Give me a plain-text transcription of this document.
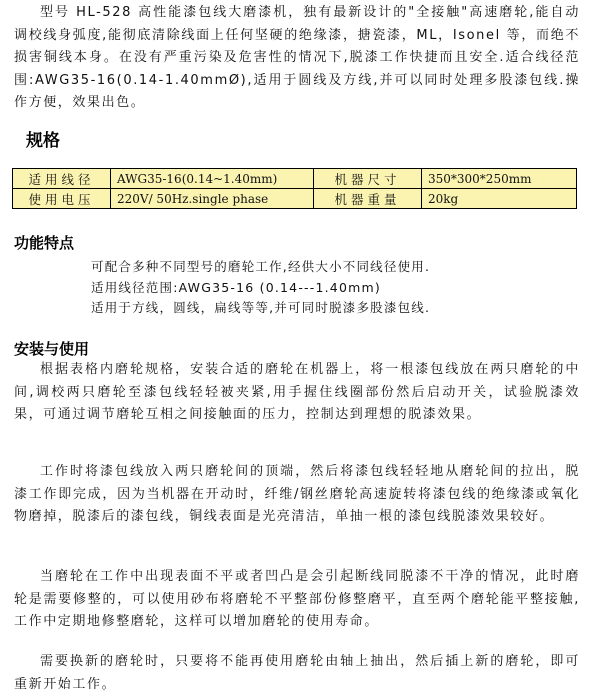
型号 HL-528 高性能漆包线大磨漆机，独有最新设计的"全接触"高速磨轮,能自动调校线身弧度,能彻底清除线面上任何坚硬的绝缘漆，搪瓷漆，ML，Isonel 等，而绝不损害铜线本身。在没有严重污染及危害性的情况下,脱漆工作快捷而且安全.适合线径范围:AWG35-16(0.14-1.40mmØ),适用于圆线及方线,并可以同时处理多股漆包线.操作方便，效果出色。
规格
适用线径	AWG35-16(0.14~1.40mm)	机器尺寸	350*300*250mm
使用电压	220V/ 50Hz.single phase	机器重量	20kg
功能特点
可配合多种不同型号的磨轮工作,经供大小不同线径使用.
适用线径范围:AWG35-16 (0.14---1.40mm)
适用于方线，圆线，扁线等等,并可同时脱漆多股漆包线.
安装与使用
根据表格内磨轮规格，安装合适的磨轮在机器上，将一根漆包线放在两只磨轮的中间,调校两只磨轮至漆包线轻轻被夹紧,用手握住线圈部份然后启动开关，试验脱漆效果，可通过调节磨轮互相之间接触面的压力，控制达到理想的脱漆效果。
工作时将漆包线放入两只磨轮间的顶端，然后将漆包线轻轻地从磨轮间的拉出，脱漆工作即完成，因为当机器在开动时，纤维/钢丝磨轮高速旋转将漆包线的绝缘漆或氧化物磨掉，脱漆后的漆包线，铜线表面是光亮清洁，单抽一根的漆包线脱漆效果较好。
当磨轮在工作中出现表面不平或者凹凸是会引起断线同脱漆不干净的情况，此时磨轮是需要修整的，可以使用砂布将磨轮不平整部份修整磨平，直至两个磨轮能平整接触,工作中定期地修整磨轮，这样可以增加磨轮的使用寿命。
需要换新的磨轮时，只要将不能再使用磨轮由轴上抽出，然后插上新的磨轮，即可重新开始工作。
